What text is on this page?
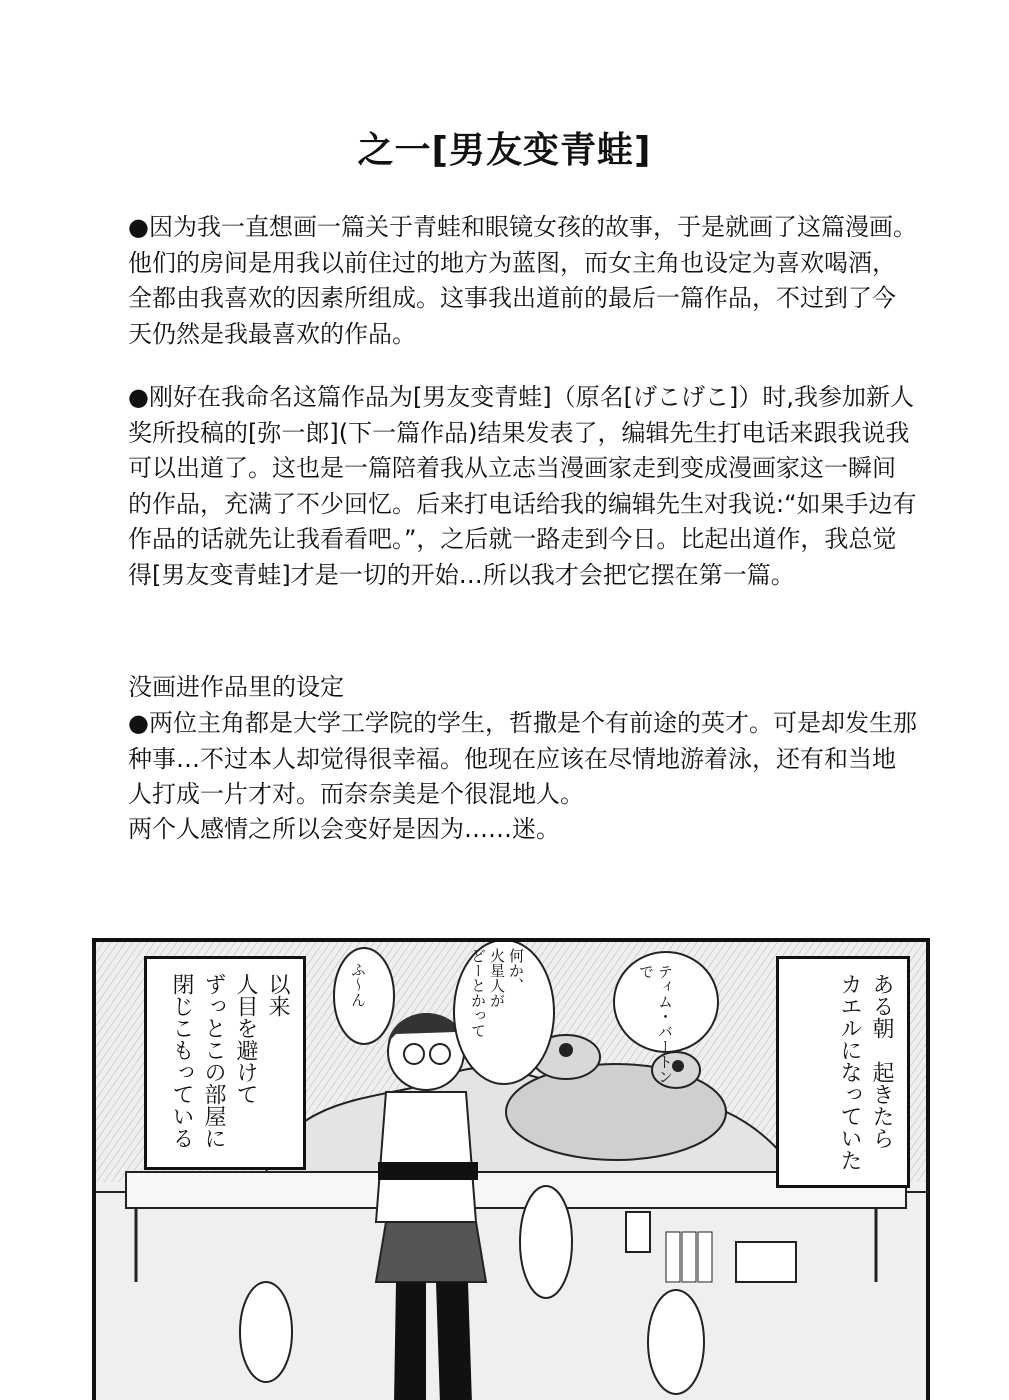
之一[男友变青蛙]

●因为我一直想画一篇关于青蛙和眼镜女孩的故事，于是就画了这篇漫画。他们的房间是用我以前住过的地方为蓝图，而女主角也设定为喜欢喝酒，全都由我喜欢的因素所组成。这事我出道前的最后一篇作品，不过到了今天仍然是我最喜欢的作品。

●刚好在我命名这篇作品为[男友变青蛙]（原名[げこげこ]）时,我参加新人奖所投稿的[弥一郎](下一篇作品)结果发表了，编辑先生打电话来跟我说我可以出道了。这也是一篇陪着我从立志当漫画家走到变成漫画家这一瞬间的作品，充满了不少回忆。后来打电话给我的编辑先生对我说:“如果手边有作品的话就先让我看看吧。”，之后就一路走到今日。比起出道作，我总觉得[男友变青蛙]才是一切的开始…所以我才会把它摆在第一篇。

没画进作品里的设定

●两位主角都是大学工学院的学生，哲撒是个有前途的英才。可是却发生那种事…不过本人却觉得很幸福。他现在应该在尽情地游着泳，还有和当地人打成一片才对。而奈奈美是个很混地人。

两个人感情之所以会变好是因为……迷。

以来
人目を避けて
ずっとこの部屋に
閉じこもっている	ある朝　起きたら
カエルになっていた
ふ〜ん	何か、
火星人が
どーとかって	ティム・バートン
で
